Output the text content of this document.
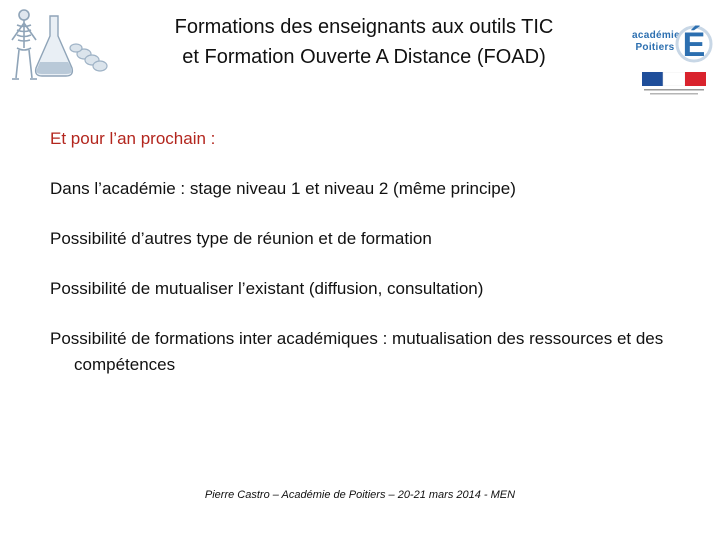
Formations des enseignants aux outils TIC
et Formation Ouverte A Distance (FOAD)
académie
Poitiers É
Et pour l’an prochain :
Dans l’académie : stage niveau 1 et niveau 2 (même principe)
Possibilité d’autres type de réunion et de formation
Possibilité de mutualiser l’existant (diffusion, consultation)
Possibilité de formations inter académiques : mutualisation des ressources et des compétences
Pierre Castro – Académie de Poitiers – 20-21 mars 2014 - MEN
